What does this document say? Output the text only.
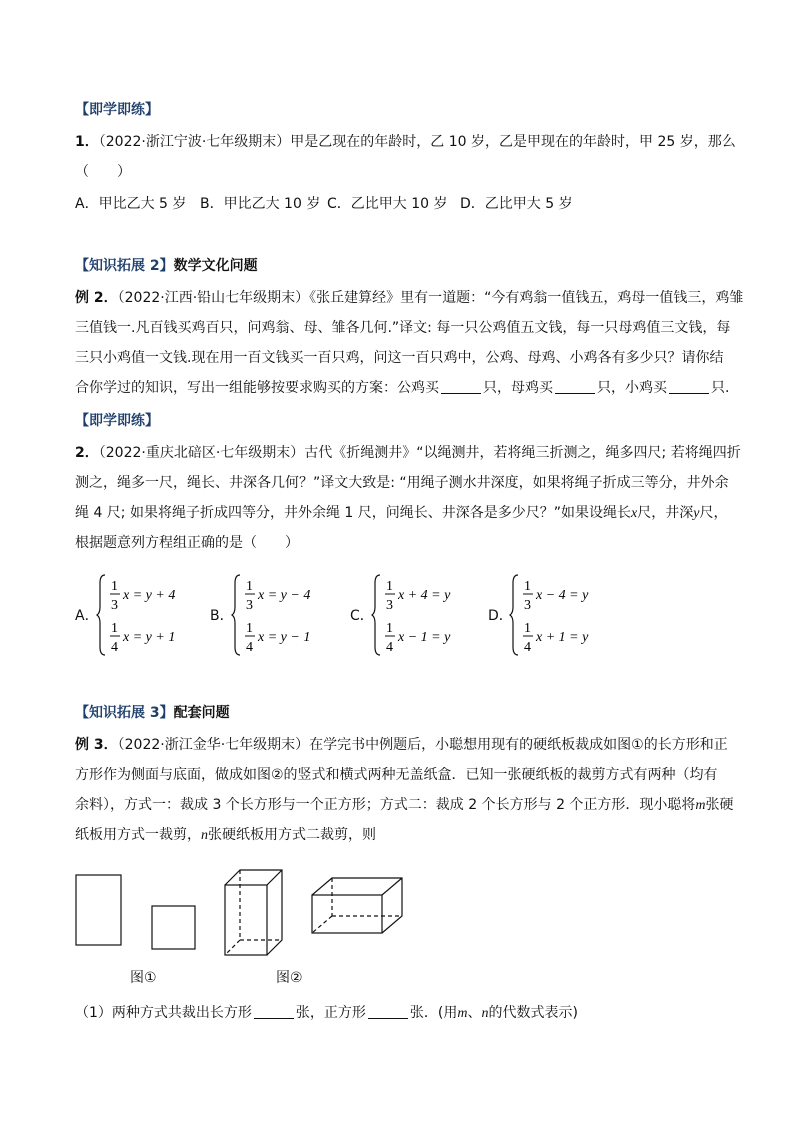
【即学即练】
1．（2022·浙江宁波·七年级期末）甲是乙现在的年龄时，乙 10 岁，乙是甲现在的年龄时，甲 25 岁，那么
（　　）
A．甲比乙大 5 岁 B．甲比乙大 10 岁 C．乙比甲大 10 岁 D．乙比甲大 5 岁
【知识拓展 2】数学文化问题
例 2．（2022·江西·铅山七年级期末）《张丘建算经》里有一道题：“今有鸡翁一值钱五，鸡母一值钱三，鸡雏
三值钱一.凡百钱买鸡百只，问鸡翁、母、雏各几何.”译文: 每一只公鸡值五文钱，每一只母鸡值三文钱，每
三只小鸡值一文钱.现在用一百文钱买一百只鸡，问这一百只鸡中，公鸡、母鸡、小鸡各有多少只？请你结
合你学过的知识，写出一组能够按要求购买的方案：公鸡买	只，母鸡买	只，小鸡买	只.
【即学即练】
2．（2022·重庆北碚区·七年级期末）古代《折绳测井》“以绳测井，若将绳三折测之，绳多四尺; 若将绳四折
测之，绳多一尺，绳长、井深各几何？”译文大致是: “用绳子测水井深度，如果将绳子折成三等分，井外余
绳 4 尺; 如果将绳子折成四等分，井外余绳 1 尺，问绳长、井深各是多少尺？”如果设绳长x尺，井深y尺，
根据题意列方程组正确的是（　　）
A．
1
3
x = y + 4
1
4
x = y + 1
B．
1
3
x = y − 4
1
4
x = y − 1
C．
1
3
x + 4 = y
1
4
x − 1 = y
D．
1
3
x − 4 = y
1
4
x + 1 = y
【知识拓展 3】配套问题
例 3．（2022·浙江金华·七年级期末）在学完书中例题后，小聪想用现有的硬纸板裁成如图①的长方形和正
方形作为侧面与底面，做成如图②的竖式和横式两种无盖纸盒．已知一张硬纸板的裁剪方式有两种（均有
余料），方式一：裁成 3 个长方形与一个正方形；方式二：裁成 2 个长方形与 2 个正方形．现小聪将m张硬
纸板用方式一裁剪，n张硬纸板用方式二裁剪，则
图①	图②
（1）两种方式共裁出长方形	张，正方形	张．(用m、n的代数式表示)
